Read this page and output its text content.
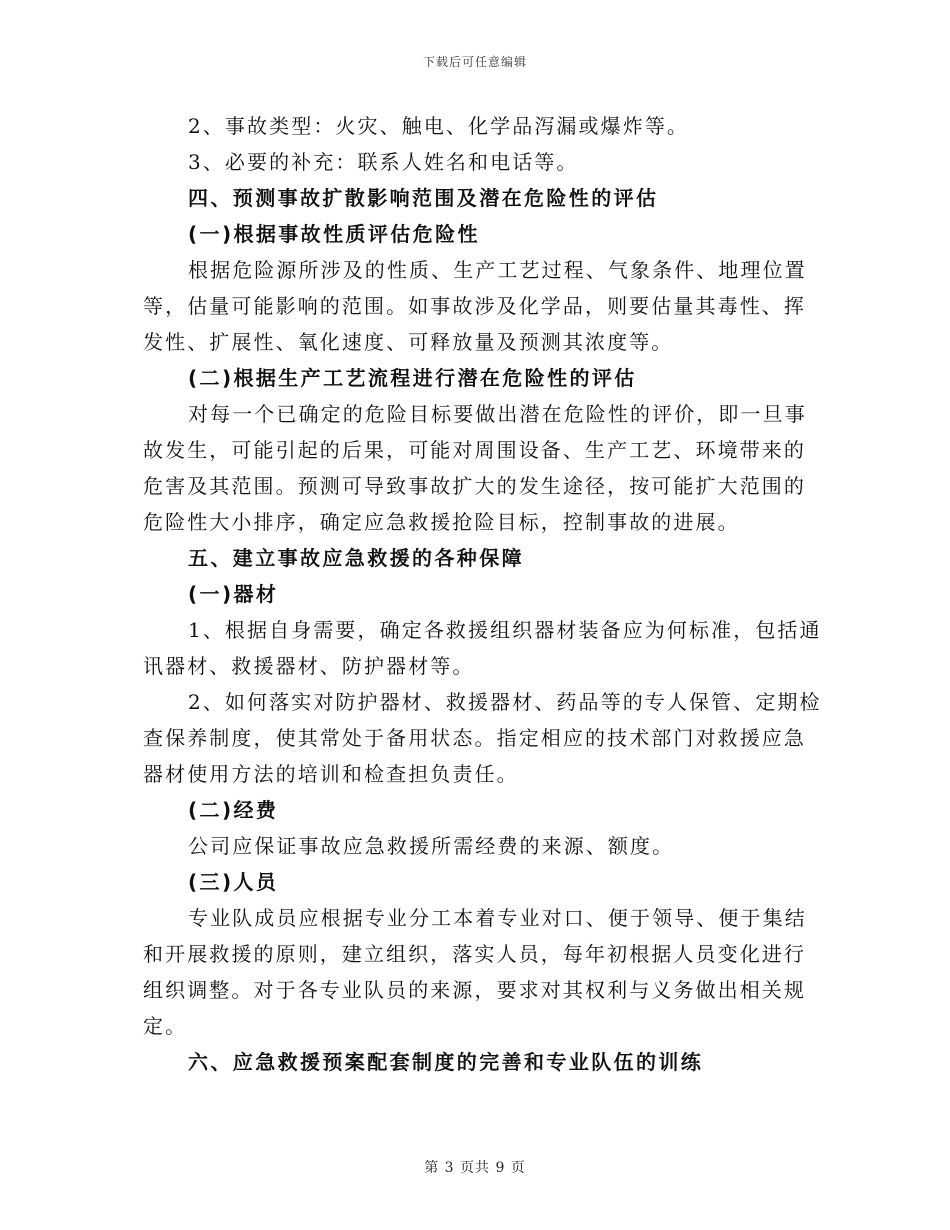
下载后可任意编辑

2、事故类型：火灾、触电、化学品泻漏或爆炸等。

3、必要的补充：联系人姓名和电话等。

四、预测事故扩散影响范围及潜在危险性的评估

(一)根据事故性质评估危险性

根据危险源所涉及的性质、生产工艺过程、气象条件、地理位置

等，估量可能影响的范围。如事故涉及化学品，则要估量其毒性、挥

发性、扩展性、氧化速度、可释放量及预测其浓度等。

(二)根据生产工艺流程进行潜在危险性的评估

对每一个已确定的危险目标要做出潜在危险性的评价，即一旦事

故发生，可能引起的后果，可能对周围设备、生产工艺、环境带来的

危害及其范围。预测可导致事故扩大的发生途径，按可能扩大范围的

危险性大小排序，确定应急救援抢险目标，控制事故的进展。

五、建立事故应急救援的各种保障

(一)器材

1、根据自身需要，确定各救援组织器材装备应为何标准，包括通

讯器材、救援器材、防护器材等。

2、如何落实对防护器材、救援器材、药品等的专人保管、定期检

查保养制度，使其常处于备用状态。指定相应的技术部门对救援应急

器材使用方法的培训和检查担负责任。

(二)经费

公司应保证事故应急救援所需经费的来源、额度。

(三)人员

专业队成员应根据专业分工本着专业对口、便于领导、便于集结

和开展救援的原则，建立组织，落实人员，每年初根据人员变化进行

组织调整。对于各专业队员的来源，要求对其权利与义务做出相关规

定。

六、应急救援预案配套制度的完善和专业队伍的训练

第 3 页共 9 页
